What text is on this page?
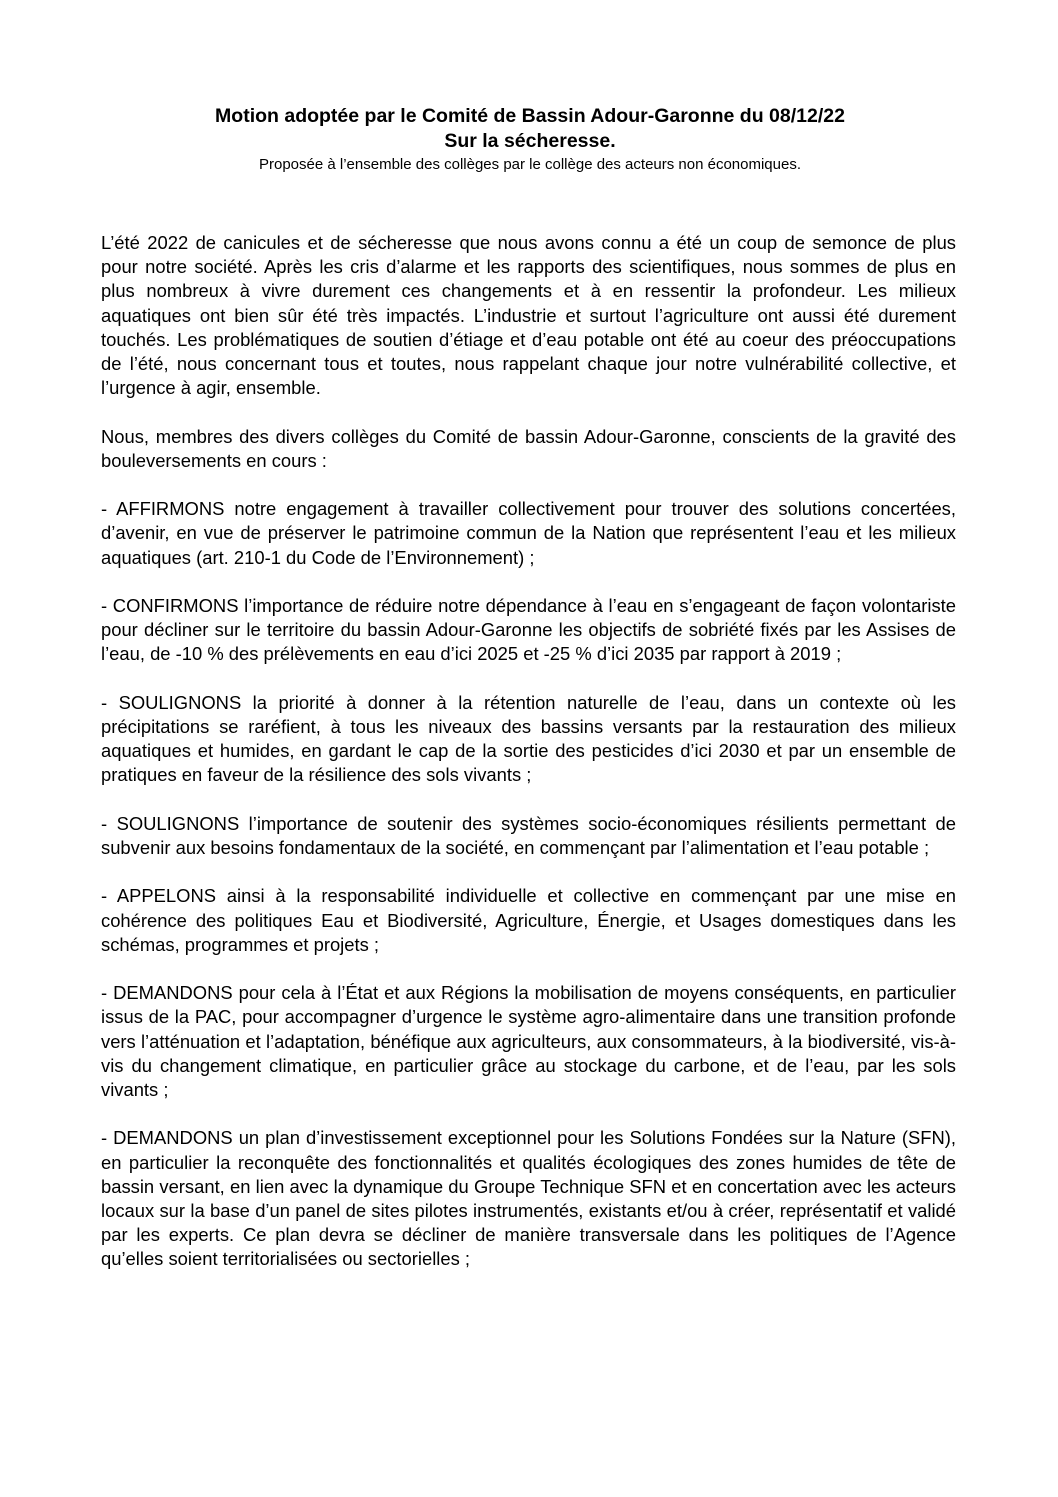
Motion adoptée par le Comité de Bassin Adour-Garonne du 08/12/22

Sur la sécheresse.

Proposée à l’ensemble des collèges par le collège des acteurs non économiques.

L’été 2022 de canicules et de sécheresse que nous avons connu a été un coup de semonce de plus pour notre société. Après les cris d’alarme et les rapports des scientifiques, nous sommes de plus en plus nombreux à vivre durement ces changements et à en ressentir la profondeur. Les milieux aquatiques ont bien sûr été très impactés. L’industrie et surtout l’agriculture ont aussi été durement touchés. Les problématiques de soutien d’étiage et d’eau potable ont été au coeur des préoccupations de l’été, nous concernant tous et toutes, nous rappelant chaque jour notre vulnérabilité collective, et l’urgence à agir, ensemble.

Nous, membres des divers collèges du Comité de bassin Adour-Garonne, conscients de la gravité des bouleversements en cours :

- AFFIRMONS notre engagement à travailler collectivement pour trouver des solutions concertées, d’avenir, en vue de préserver le patrimoine commun de la Nation que représentent l’eau et les milieux aquatiques (art. 210-1 du Code de l’Environnement) ;

- CONFIRMONS l’importance de réduire notre dépendance à l’eau en s’engageant de façon volontariste pour décliner sur le territoire du bassin Adour-Garonne les objectifs de sobriété fixés par les Assises de l’eau, de -10 % des prélèvements en eau d’ici 2025 et -25 % d’ici 2035 par rapport à 2019 ;

- SOULIGNONS la priorité à donner à la rétention naturelle de l’eau, dans un contexte où les précipitations se raréfient, à tous les niveaux des bassins versants par la restauration des milieux aquatiques et humides, en gardant le cap de la sortie des pesticides d’ici 2030 et par un ensemble de pratiques en faveur de la résilience des sols vivants ;

- SOULIGNONS l’importance de soutenir des systèmes socio-économiques résilients permettant de subvenir aux besoins fondamentaux de la société, en commençant par l’alimentation et l’eau potable ;

- APPELONS ainsi à la responsabilité individuelle et collective en commençant par une mise en cohérence des politiques Eau et Biodiversité, Agriculture, Énergie, et Usages domestiques dans les schémas, programmes et projets ;

- DEMANDONS pour cela à l’État et aux Régions la mobilisation de moyens conséquents, en particulier issus de la PAC, pour accompagner d’urgence le système agro-alimentaire dans une transition profonde vers l’atténuation et l’adaptation, bénéfique aux agriculteurs, aux consommateurs, à la biodiversité, vis-à-vis du changement climatique, en particulier grâce au stockage du carbone, et de l’eau, par les sols vivants ;

- DEMANDONS un plan d’investissement exceptionnel pour les Solutions Fondées sur la Nature (SFN), en particulier la reconquête des fonctionnalités et qualités écologiques des zones humides de tête de bassin versant, en lien avec la dynamique du Groupe Technique SFN et en concertation avec les acteurs locaux sur la base d’un panel de sites pilotes instrumentés, existants et/ou à créer, représentatif et validé par les experts. Ce plan devra se décliner de manière transversale dans les politiques de l’Agence qu’elles soient territorialisées ou sectorielles ;
